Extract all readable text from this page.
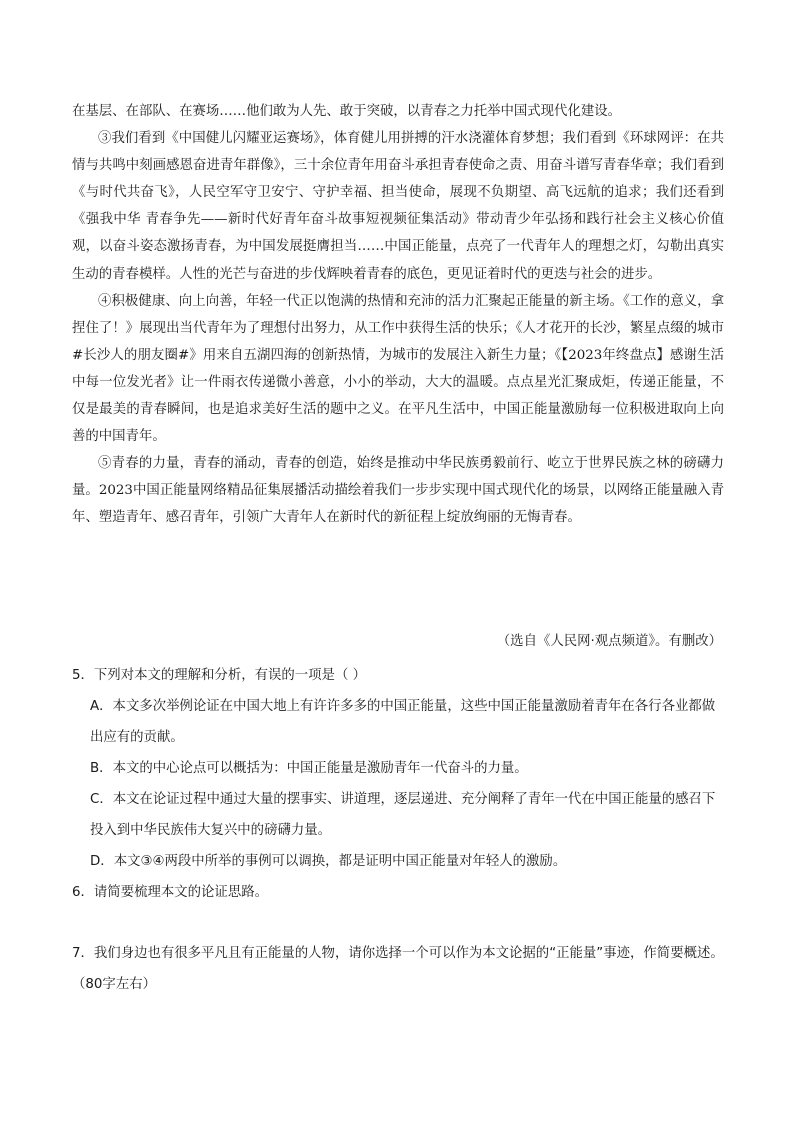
在基层、在部队、在赛场……他们敢为人先、敢于突破，以青春之力托举中国式现代化建设。

③我们看到《中国健儿闪耀亚运赛场》，体育健儿用拼搏的汗水浇灌体育梦想；我们看到《环球网评：在共情与共鸣中刻画感恩奋进青年群像》，三十余位青年用奋斗承担青春使命之责、用奋斗谱写青春华章；我们看到《与时代共奋飞》，人民空军守卫安宁、守护幸福、担当使命，展现不负期望、高飞远航的追求；我们还看到《强我中华 青春争先——新时代好青年奋斗故事短视频征集活动》带动青少年弘扬和践行社会主义核心价值观，以奋斗姿态激扬青春，为中国发展挺膺担当……中国正能量，点亮了一代青年人的理想之灯，勾勒出真实生动的青春模样。人性的光芒与奋进的步伐辉映着青春的底色，更见证着时代的更迭与社会的进步。

④积极健康、向上向善，年轻一代正以饱满的热情和充沛的活力汇聚起正能量的新主场。《工作的意义，拿捏住了！》展现出当代青年为了理想付出努力，从工作中获得生活的快乐；《人才花开的长沙，繁星点缀的城市#长沙人的朋友圈#》用来自五湖四海的创新热情，为城市的发展注入新生力量；《【2023年终盘点】感谢生活中每一位发光者》让一件雨衣传递微小善意，小小的举动，大大的温暖。点点星光汇聚成炬，传递正能量，不仅是最美的青春瞬间，也是追求美好生活的题中之义。在平凡生活中，中国正能量激励每一位积极进取向上向善的中国青年。

⑤青春的力量，青春的涌动，青春的创造，始终是推动中华民族勇毅前行、屹立于世界民族之林的磅礴力量。2023中国正能量网络精品征集展播活动描绘着我们一步步实现中国式现代化的场景，以网络正能量融入青年、塑造青年、感召青年，引领广大青年人在新时代的新征程上绽放绚丽的无悔青春。

（选自《人民网·观点频道》。有删改）

5．下列对本文的理解和分析，有误的一项是（ ）

A．本文多次举例论证在中国大地上有许许多多的中国正能量，这些中国正能量激励着青年在各行各业都做出应有的贡献。

B．本文的中心论点可以概括为：中国正能量是激励青年一代奋斗的力量。

C．本文在论证过程中通过大量的摆事实、讲道理，逐层递进、充分阐释了青年一代在中国正能量的感召下投入到中华民族伟大复兴中的磅礴力量。

D．本文③④两段中所举的事例可以调换，都是证明中国正能量对年轻人的激励。

6．请简要梳理本文的论证思路。

7．我们身边也有很多平凡且有正能量的人物，请你选择一个可以作为本文论据的“正能量”事迹，作简要概述。（80字左右）
